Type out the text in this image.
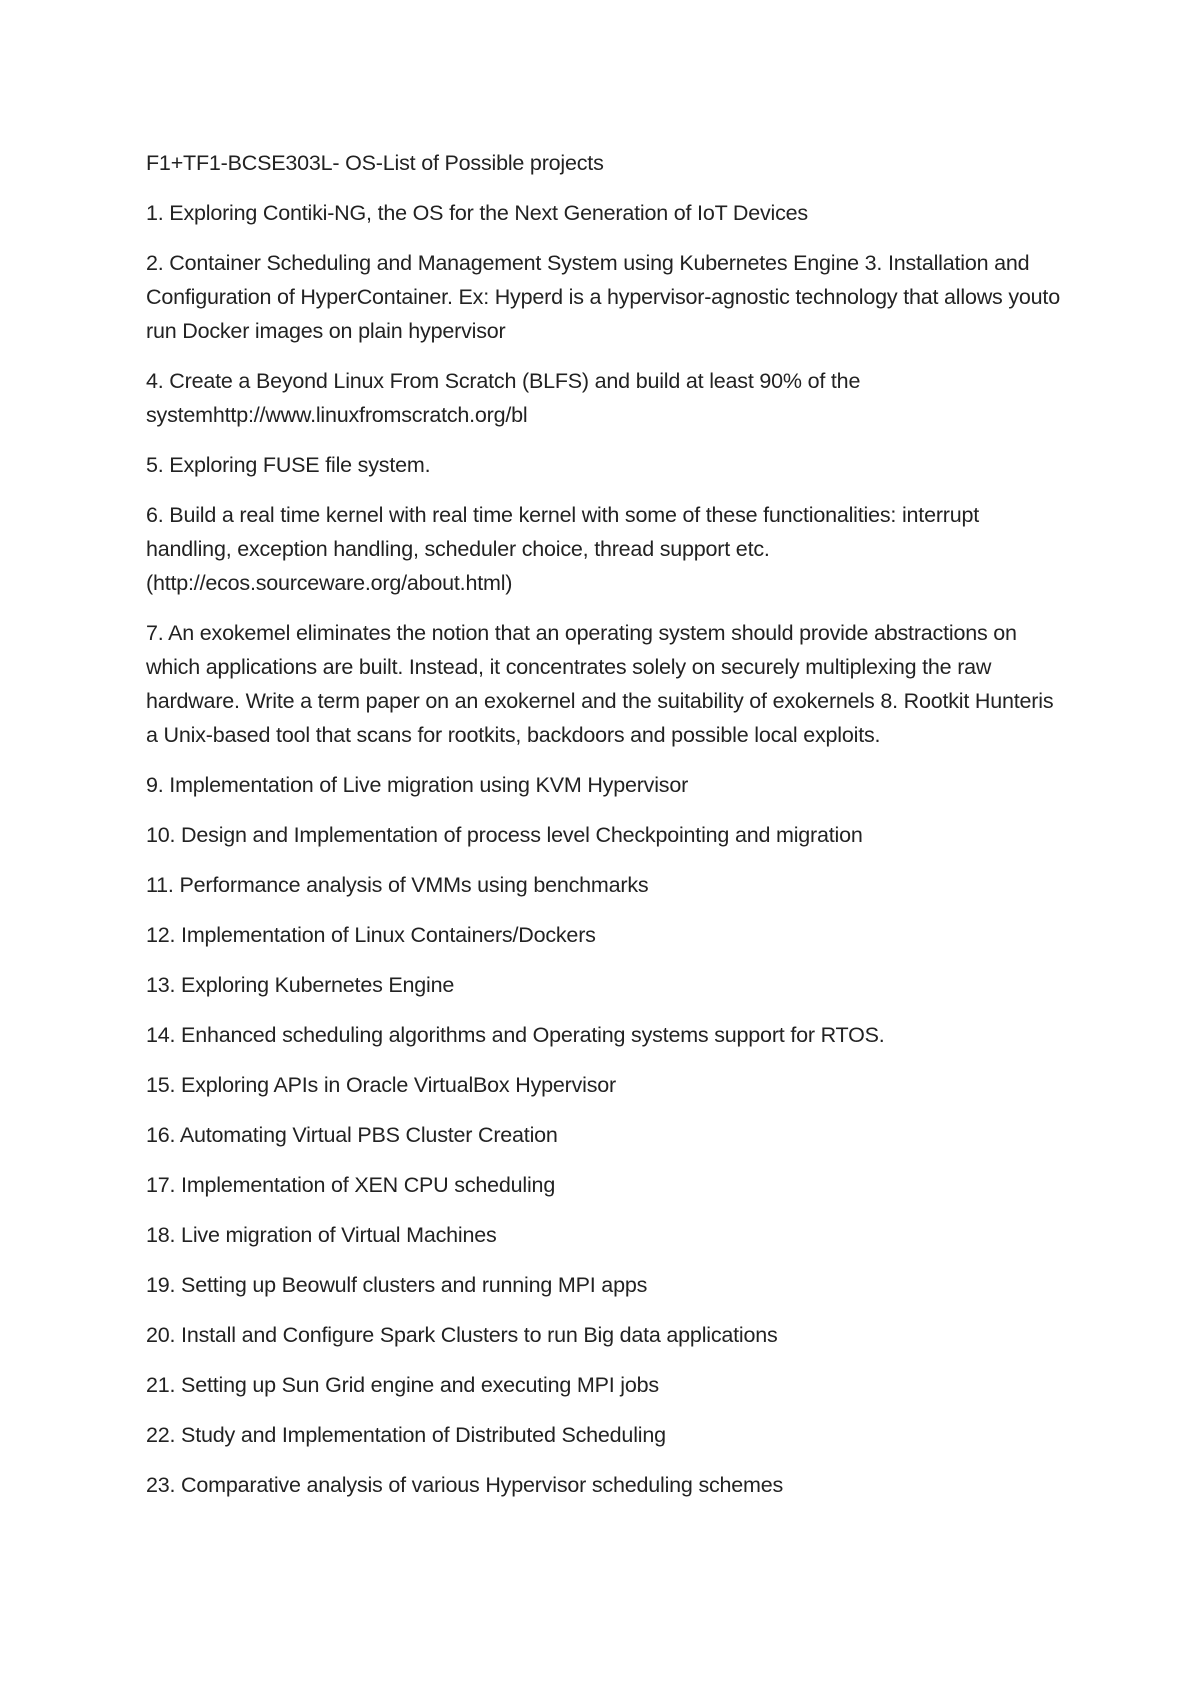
F1+TF1-BCSE303L- OS-List of Possible projects

1. Exploring Contiki-NG, the OS for the Next Generation of IoT Devices

2. Container Scheduling and Management System using Kubernetes Engine 3. Installation and Configuration of HyperContainer. Ex: Hyperd is a hypervisor-agnostic technology that allows youto run Docker images on plain hypervisor

4. Create a Beyond Linux From Scratch (BLFS) and build at least 90% of the systemhttp://www.linuxfromscratch.org/bl

5. Exploring FUSE file system.

6. Build a real time kernel with real time kernel with some of these functionalities: interrupt handling, exception handling, scheduler choice, thread support etc. (http://ecos.sourceware.org/about.html)

7. An exokemel eliminates the notion that an operating system should provide abstractions on which applications are built. Instead, it concentrates solely on securely multiplexing the raw hardware. Write a term paper on an exokernel and the suitability of exokernels 8. Rootkit Hunteris a Unix-based tool that scans for rootkits, backdoors and possible local exploits.

9. Implementation of Live migration using KVM Hypervisor

10. Design and Implementation of process level Checkpointing and migration

11. Performance analysis of VMMs using benchmarks

12. Implementation of Linux Containers/Dockers

13. Exploring Kubernetes Engine

14. Enhanced scheduling algorithms and Operating systems support for RTOS.

15. Exploring APIs in Oracle VirtualBox Hypervisor

16. Automating Virtual PBS Cluster Creation

17. Implementation of XEN CPU scheduling

18. Live migration of Virtual Machines

19. Setting up Beowulf clusters and running MPI apps

20. Install and Configure Spark Clusters to run Big data applications

21. Setting up Sun Grid engine and executing MPI jobs

22. Study and Implementation of Distributed Scheduling

23. Comparative analysis of various Hypervisor scheduling schemes
